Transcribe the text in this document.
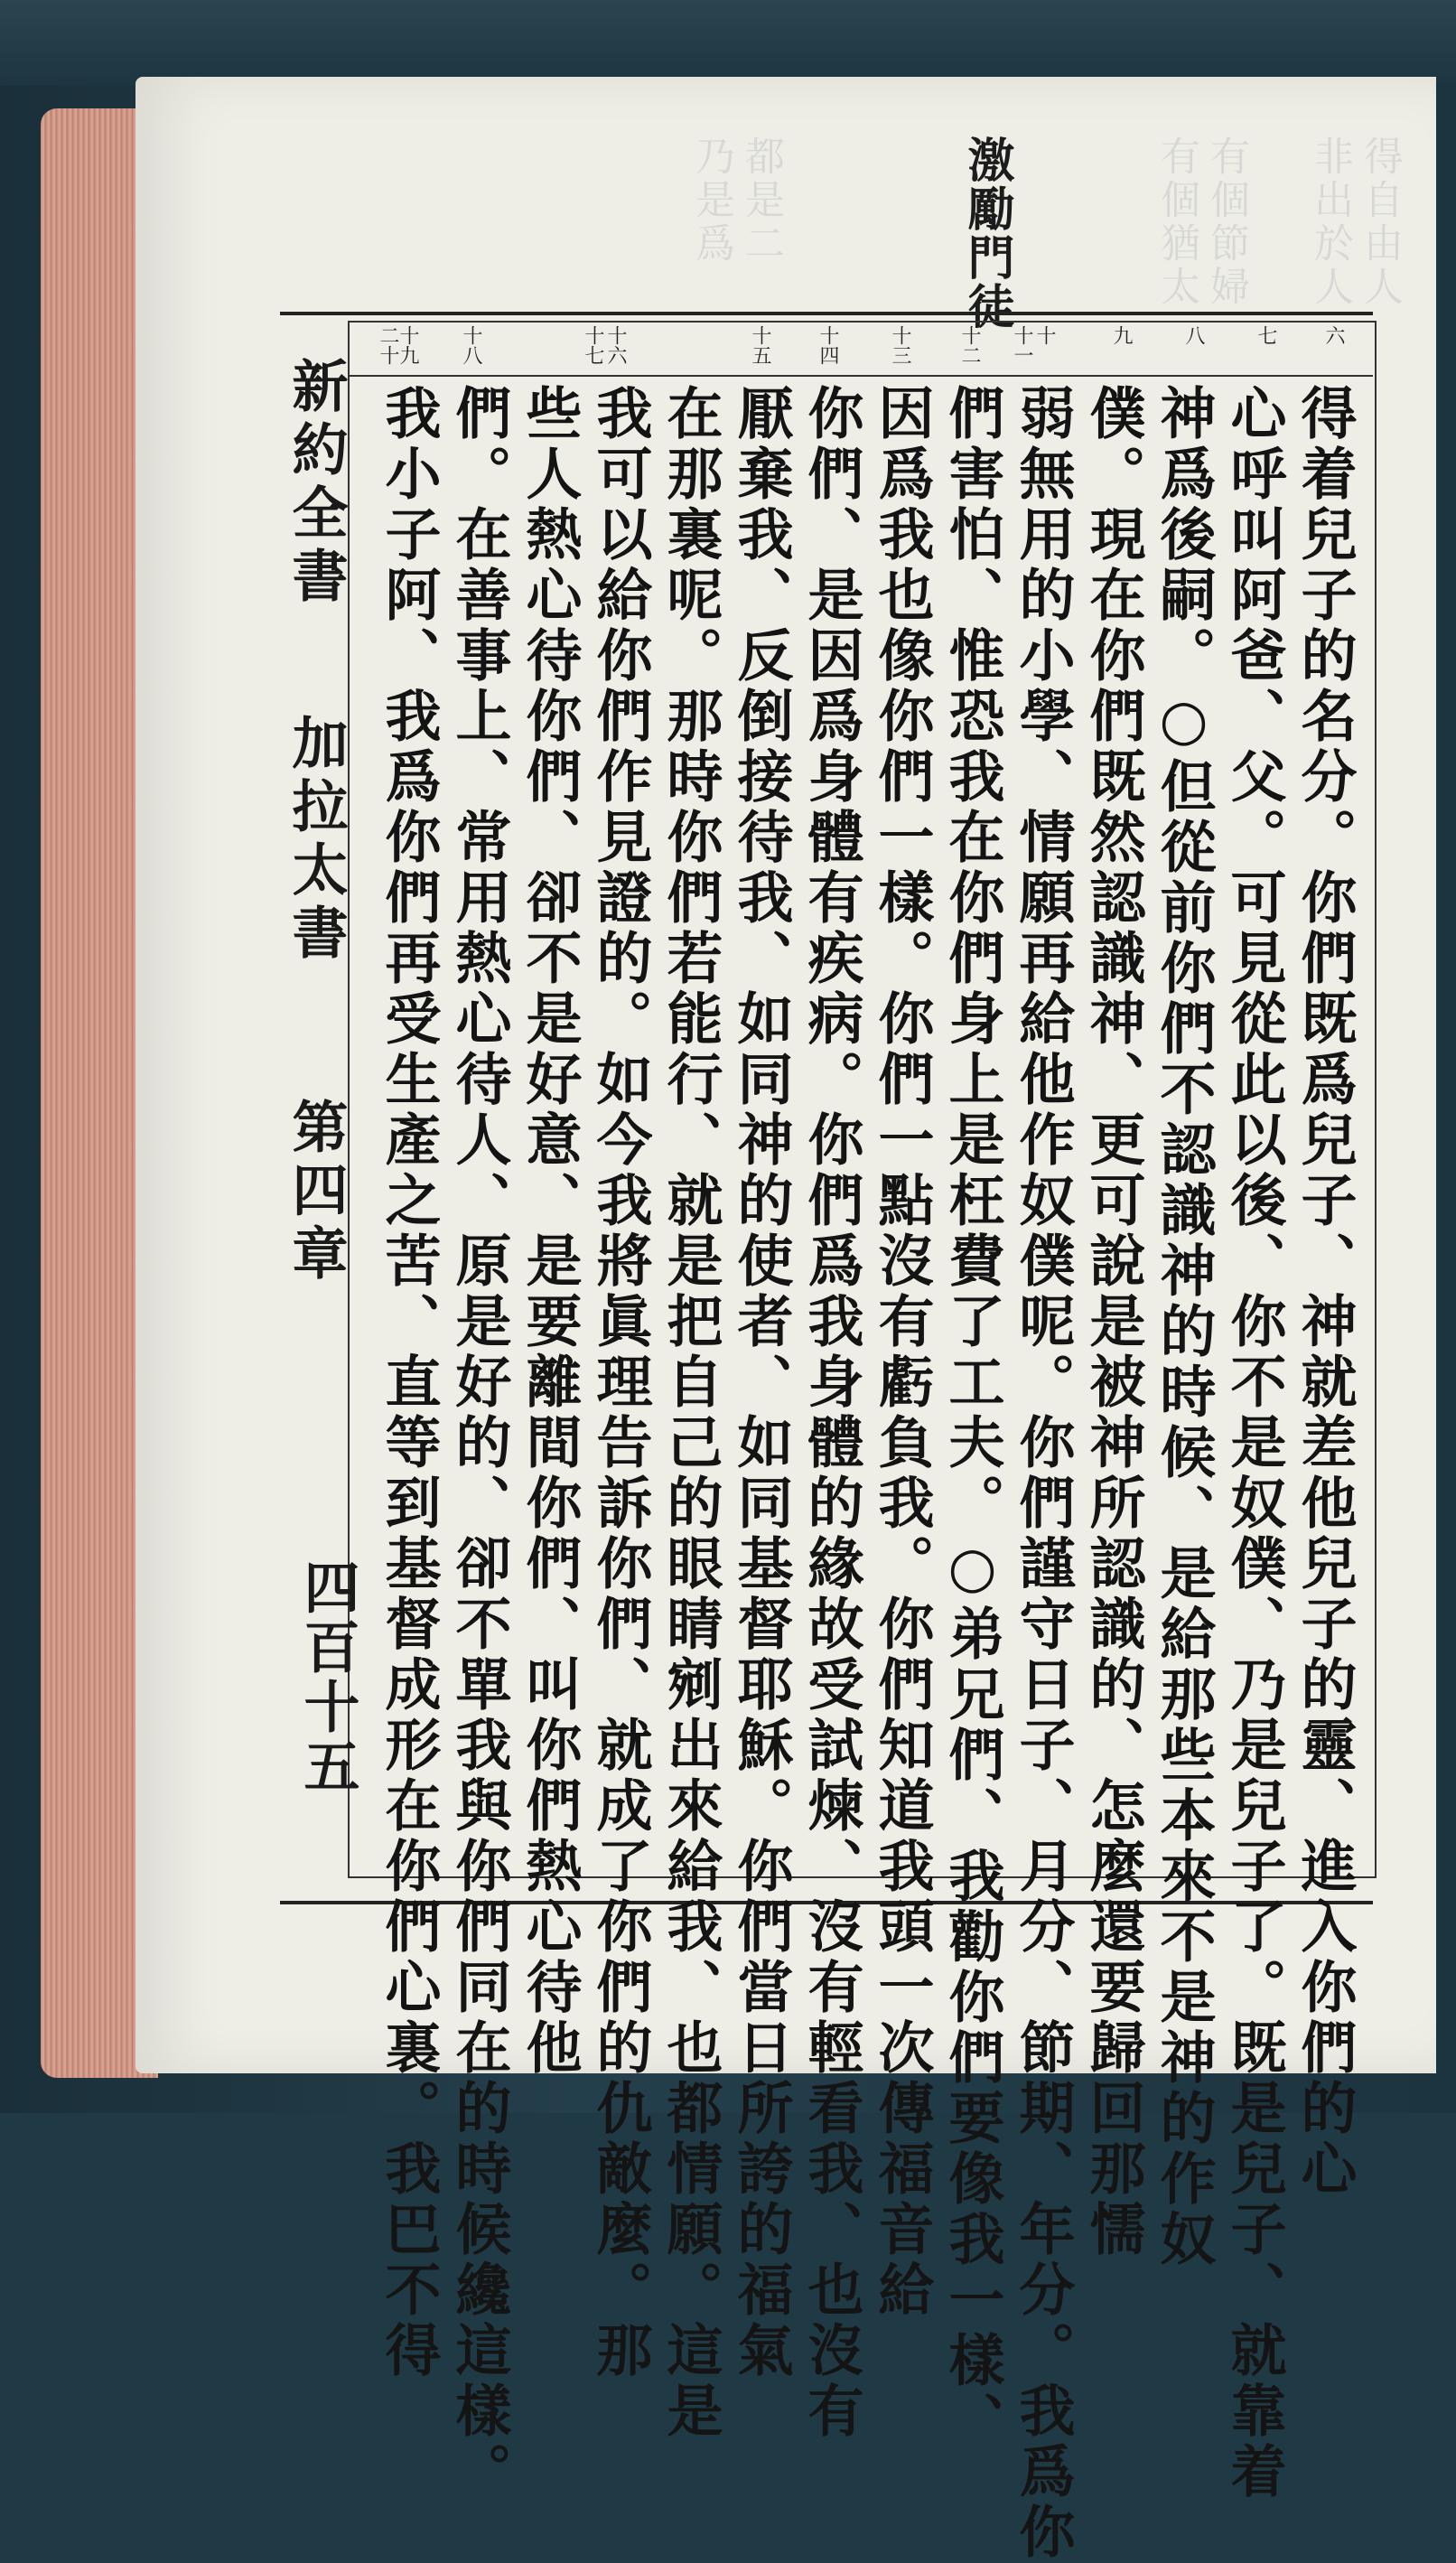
得自由人
非出於人
有個節婦
有個猶太
都是二
乃是爲	激勵門徒
六
七
八
九
十
十一
十二
十三
十四
十五
十六
十七
十八
十九
二十
得着兒子的名分。你們既爲兒子、神就差他兒子的靈、進入你們的心
心呼叫阿爸、父。可見從此以後、你不是奴僕、乃是兒子了。既是兒子、就靠着
神爲後嗣。○但從前你們不認識神的時候、是給那些本來不是神的作奴
僕。現在你們既然認識神、更可說是被神所認識的、怎麼還要歸回那懦
弱無用的小學、情願再給他作奴僕呢。你們謹守日子、月分、節期、年分。我爲你
們害怕、惟恐我在你們身上是枉費了工夫。○弟兄們、我勸你們要像我一樣、
因爲我也像你們一樣。你們一點沒有虧負我。你們知道我頭一次傳福音給
你們、是因爲身體有疾病。你們爲我身體的緣故受試煉、沒有輕看我、也沒有
厭棄我、反倒接待我、如同神的使者、如同基督耶穌。你們當日所誇的福氣
在那裏呢。那時你們若能行、就是把自己的眼睛剜出來給我、也都情願。這是
我可以給你們作見證的。如今我將眞理告訴你們、就成了你們的仇敵麼。那
些人熱心待你們、卻不是好意、是要離間你們、叫你們熱心待他
們。在善事上、常用熱心待人、原是好的、卻不單我與你們同在的時候纔這樣。
我小子阿、我爲你們再受生產之苦、直等到基督成形在你們心裏。我巴不得
新約全書
加拉太書
第四章
四百十五
